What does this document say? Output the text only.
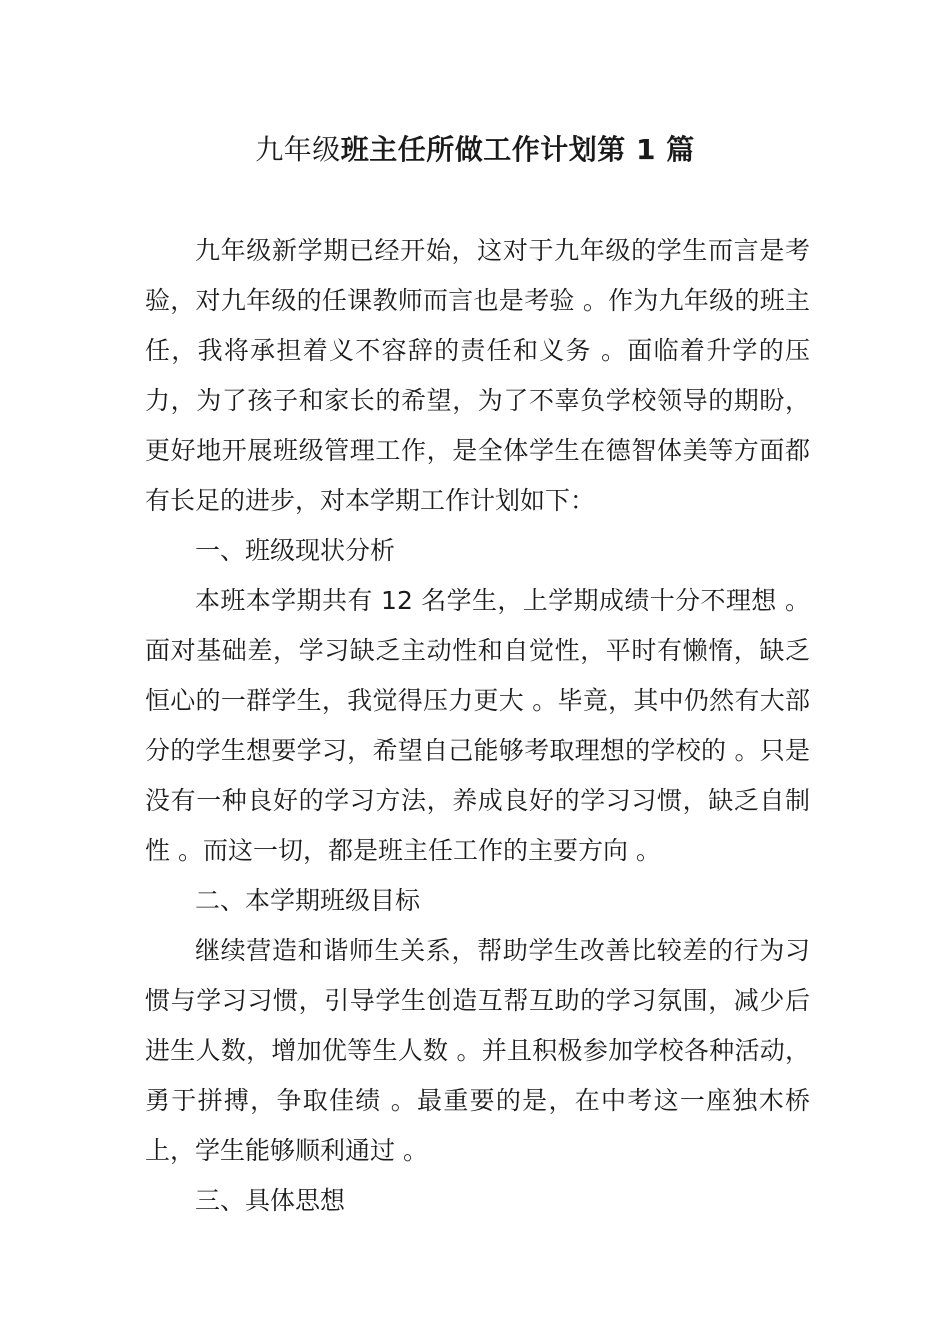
九年级班主任所做工作计划第 1 篇

九年级新学期已经开始，这对于九年级的学生而言是考验，对九年级的任课教师而言也是考验 。作为九年级的班主任，我将承担着义不容辞的责任和义务 。面临着升学的压力，为了孩子和家长的希望，为了不辜负学校领导的期盼，更好地开展班级管理工作，是全体学生在德智体美等方面都有长足的进步，对本学期工作计划如下：

一、班级现状分析

本班本学期共有 12 名学生，上学期成绩十分不理想 。面对基础差，学习缺乏主动性和自觉性，平时有懒惰，缺乏恒心的一群学生，我觉得压力更大 。毕竟，其中仍然有大部分的学生想要学习，希望自己能够考取理想的学校的 。只是没有一种良好的学习方法，养成良好的学习习惯，缺乏自制性 。而这一切，都是班主任工作的主要方向 。

二、本学期班级目标

继续营造和谐师生关系，帮助学生改善比较差的行为习惯与学习习惯，引导学生创造互帮互助的学习氛围，减少后进生人数，增加优等生人数 。并且积极参加学校各种活动，勇于拼搏，争取佳绩 。最重要的是，在中考这一座独木桥上，学生能够顺利通过 。

三、具体思想
